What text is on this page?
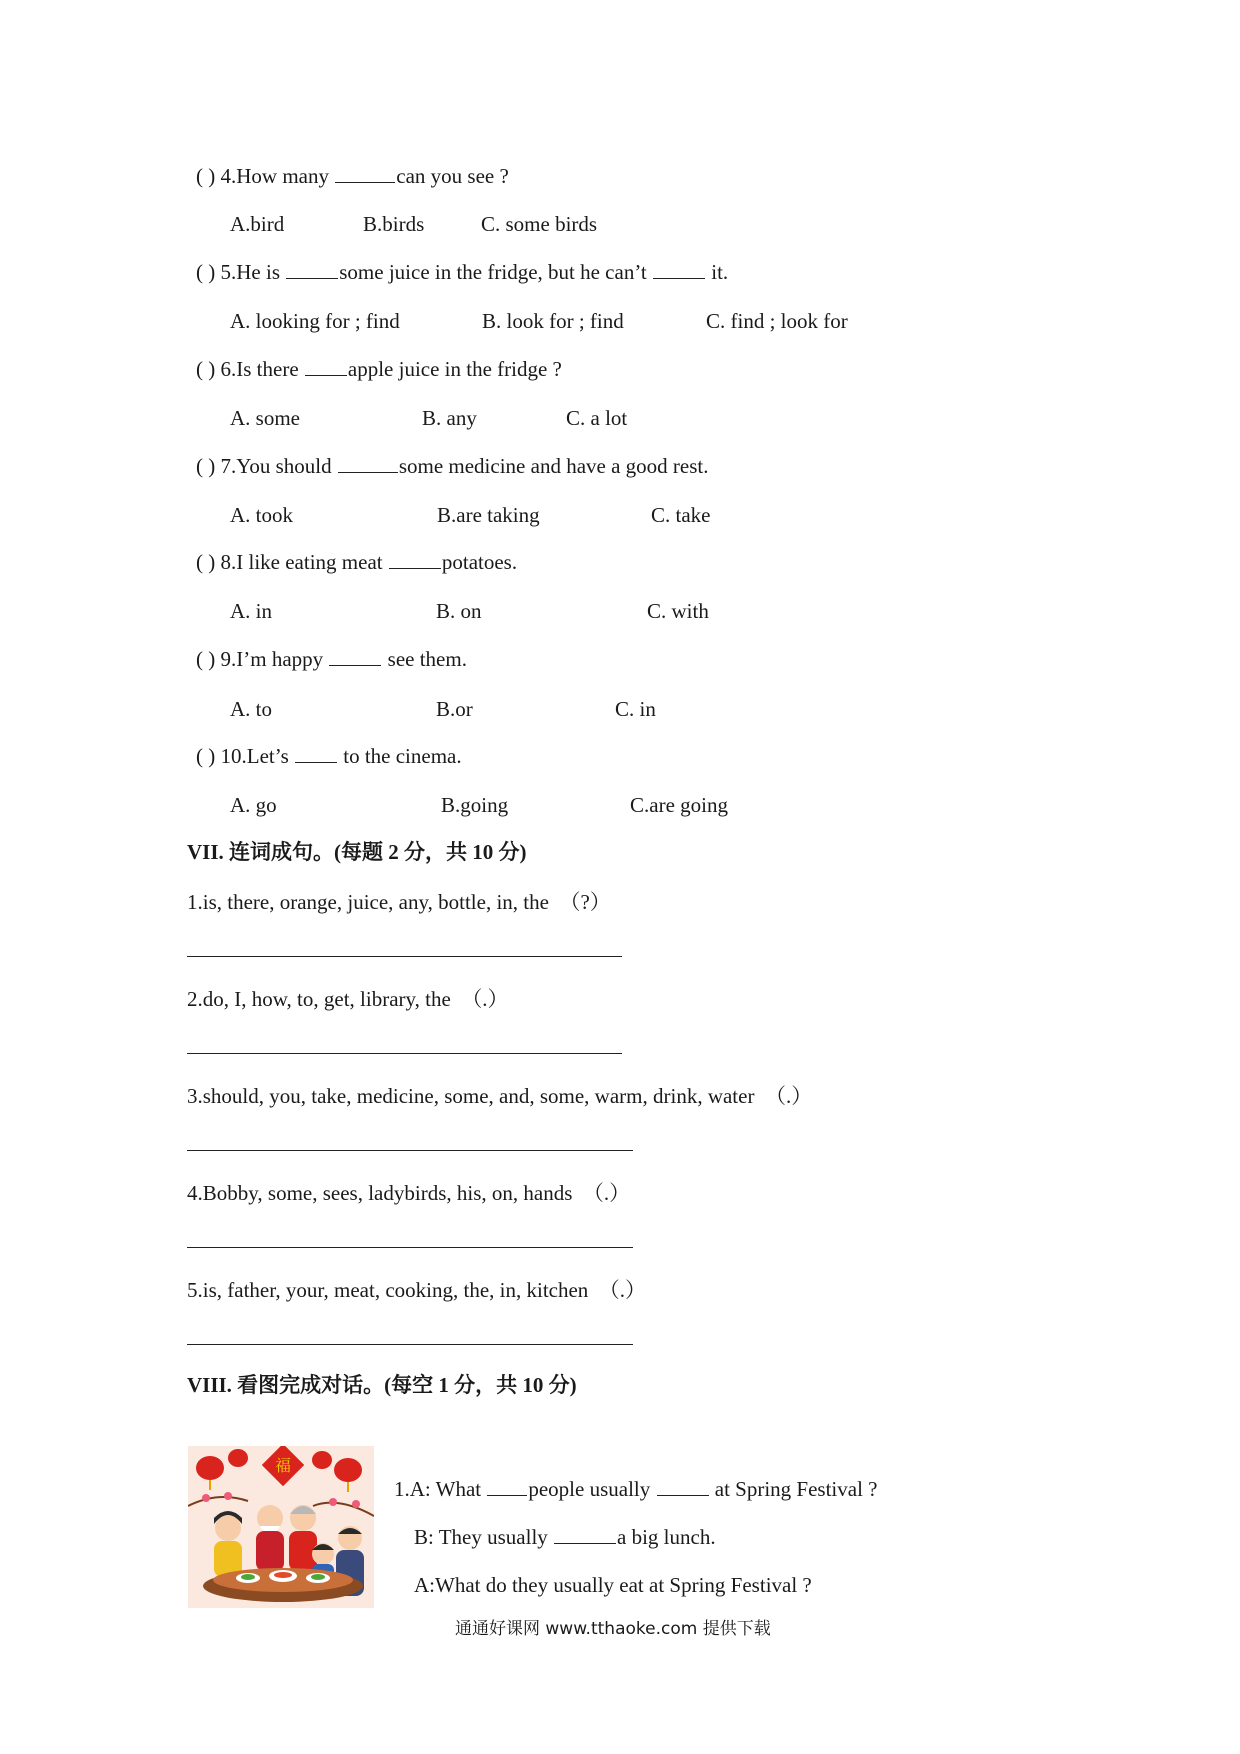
( ) 4.How many	can you see ?
A.bird	B.birds	C. some birds
( ) 5.He is	some juice in the fridge, but he can’t	it.
A. looking for ; find	B. look for ; find	C. find ; look for
( ) 6.Is there apple juice in the fridge ?
A. some	B. any	C. a lot
( ) 7.You should	some medicine and have a good rest.
A. took	B.are taking	C. take
( ) 8.I like eating meat	potatoes.
A. in	B. on	C. with
( ) 9.I’m happy	see them.
A. to	B.or	C. in
( ) 10.Let’s	to the cinema.
A. go	B.going	C.are going
VII. 连词成句。(每题 2 分，共 10 分)
1.is, there, orange, juice, any, bottle, in, the （?）
2.do, I, how, to, get, library, the （.）
3.should, you, take, medicine, some, and, some, warm, drink, water （.）
4.Bobby, some, sees, ladybirds, his, on, hands （.）
5.is, father, your, meat, cooking, the, in, kitchen （.）
VIII. 看图完成对话。(每空 1 分，共 10 分)
福
1.A: What people usually	at Spring Festival ?
B: They usually	a big lunch.
A:What do they usually eat at Spring Festival ?
通通好课网 www.tthaoke.com 提供下载
